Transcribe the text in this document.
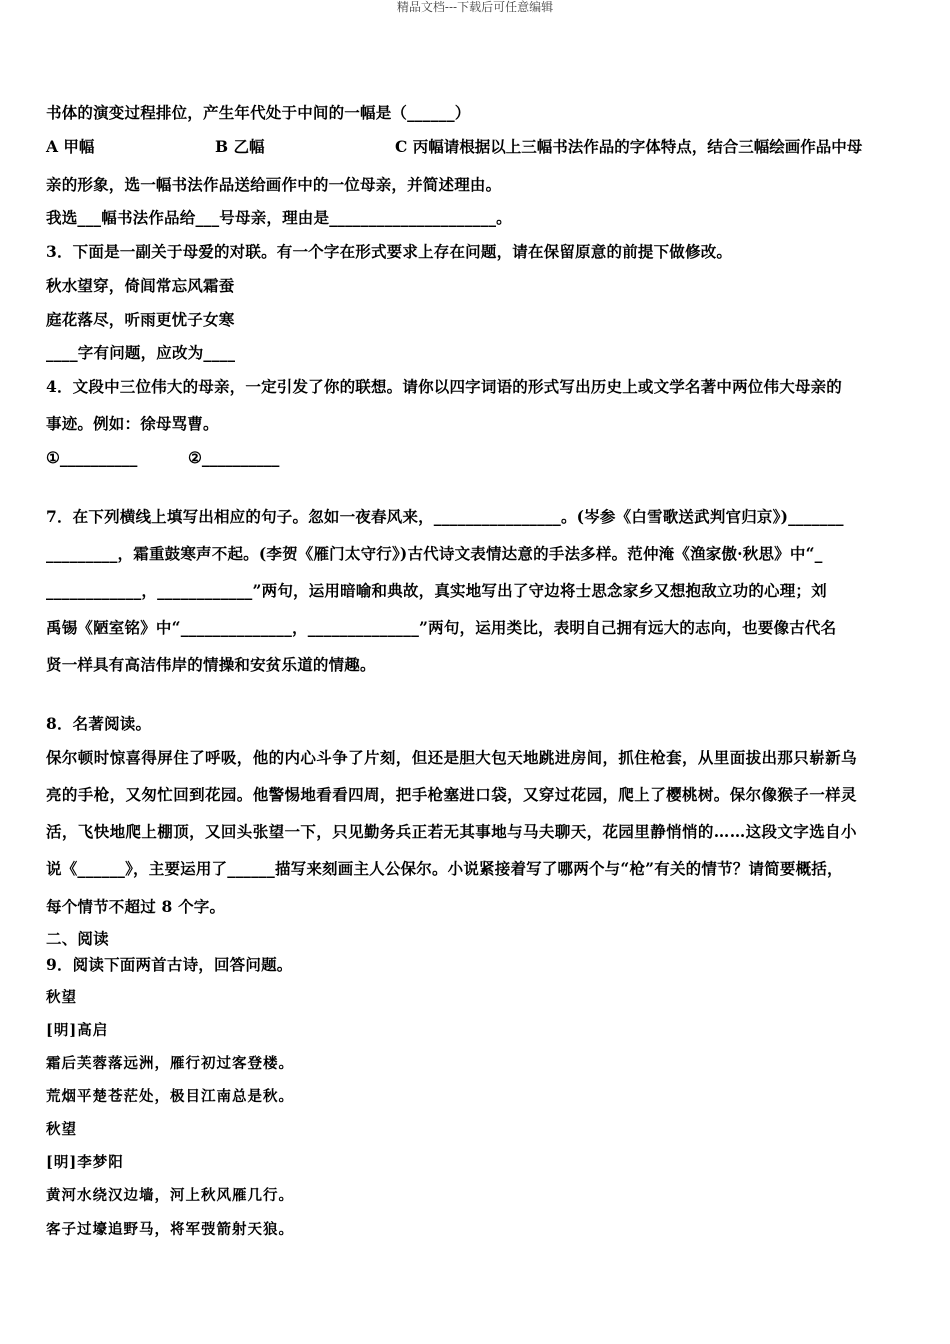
精品文档---下载后可任意编辑
书体的演变过程排位，产生年代处于中间的一幅是（______）
A 甲幅	B 乙幅	C 丙幅请根据以上三幅书法作品的字体特点，结合三幅绘画作品中母
亲的形象，选一幅书法作品送给画作中的一位母亲，并简述理由。
我选___幅书法作品给___号母亲，理由是_____________________。
3．下面是一副关于母爱的对联。有一个字在形式要求上存在问题，请在保留原意的前提下做修改。
秋水望穿，倚闾常忘风霜蚕
庭花落尽，听雨更忧子女寒
____字有问题，应改为____
4．文段中三位伟大的母亲，一定引发了你的联想。请你以四字词语的形式写出历史上或文学名著中两位伟大母亲的
事迹。例如：徐母骂曹。
①__________	②__________
7．在下列横线上填写出相应的句子。忽如一夜春风来，________________。(岑参《白雪歌送武判官归京》)_______
_________，霜重鼓寒声不起。(李贺《雁门太守行》)古代诗文表情达意的手法多样。范仲淹《渔家傲·秋思》中“_
____________，____________”两句，运用暗喻和典故，真实地写出了守边将士思念家乡又想抱敌立功的心理；刘
禹锡《陋室铭》中“______________，______________”两句，运用类比，表明自己拥有远大的志向，也要像古代名
贤一样具有高洁伟岸的情操和安贫乐道的情趣。
8．名著阅读。
保尔顿时惊喜得屏住了呼吸，他的内心斗争了片刻，但还是胆大包天地跳进房间，抓住枪套，从里面拔出那只崭新乌
亮的手枪，又匆忙回到花园。他警惕地看看四周，把手枪塞进口袋，又穿过花园，爬上了樱桃树。保尔像猴子一样灵
活，飞快地爬上棚顶，又回头张望一下，只见勤务兵正若无其事地与马夫聊天，花园里静悄悄的……这段文字选自小
说《______》，主要运用了______描写来刻画主人公保尔。小说紧接着写了哪两个与“枪”有关的情节？请简要概括，
每个情节不超过 8 个字。
二、阅读
9．阅读下面两首古诗，回答问题。
秋望
[明]高启
霜后芙蓉落远洲，雁行初过客登楼。
荒烟平楚苍茫处，极目江南总是秋。
秋望
[明]李梦阳
黄河水绕汉边墙，河上秋风雁几行。
客子过壕追野马，将军弢箭射天狼。
